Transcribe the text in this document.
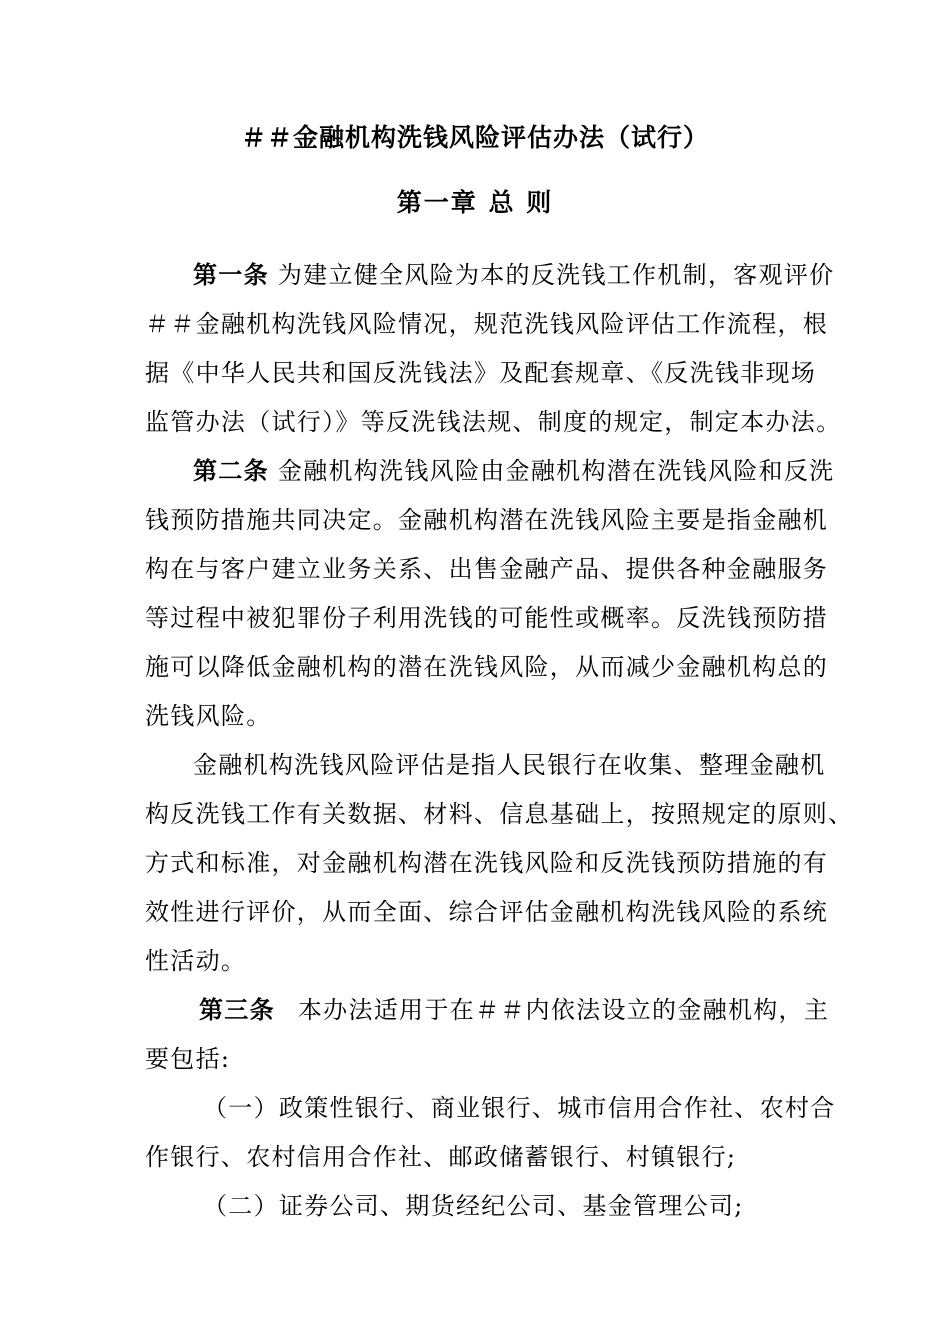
＃＃金融机构洗钱风险评估办法（试行）
第一章 总 则
第一条 为建立健全风险为本的反洗钱工作机制，客观评价
＃＃金融机构洗钱风险情况，规范洗钱风险评估工作流程，根
据《中华人民共和国反洗钱法》及配套规章、《反洗钱非现场
监管办法（试行）》等反洗钱法规、制度的规定，制定本办法。
第二条 金融机构洗钱风险由金融机构潜在洗钱风险和反洗
钱预防措施共同决定。金融机构潜在洗钱风险主要是指金融机
构在与客户建立业务关系、出售金融产品、提供各种金融服务
等过程中被犯罪份子利用洗钱的可能性或概率。反洗钱预防措
施可以降低金融机构的潜在洗钱风险，从而减少金融机构总的
洗钱风险。
金融机构洗钱风险评估是指人民银行在收集、整理金融机
构反洗钱工作有关数据、材料、信息基础上，按照规定的原则、
方式和标准，对金融机构潜在洗钱风险和反洗钱预防措施的有
效性进行评价，从而全面、综合评估金融机构洗钱风险的系统
性活动。
第三条 本办法适用于在＃＃内依法设立的金融机构，主
要包括:
（一）政策性银行、商业银行、城市信用合作社、农村合
作银行、农村信用合作社、邮政储蓄银行、村镇银行;
（二）证券公司、期货经纪公司、基金管理公司;
